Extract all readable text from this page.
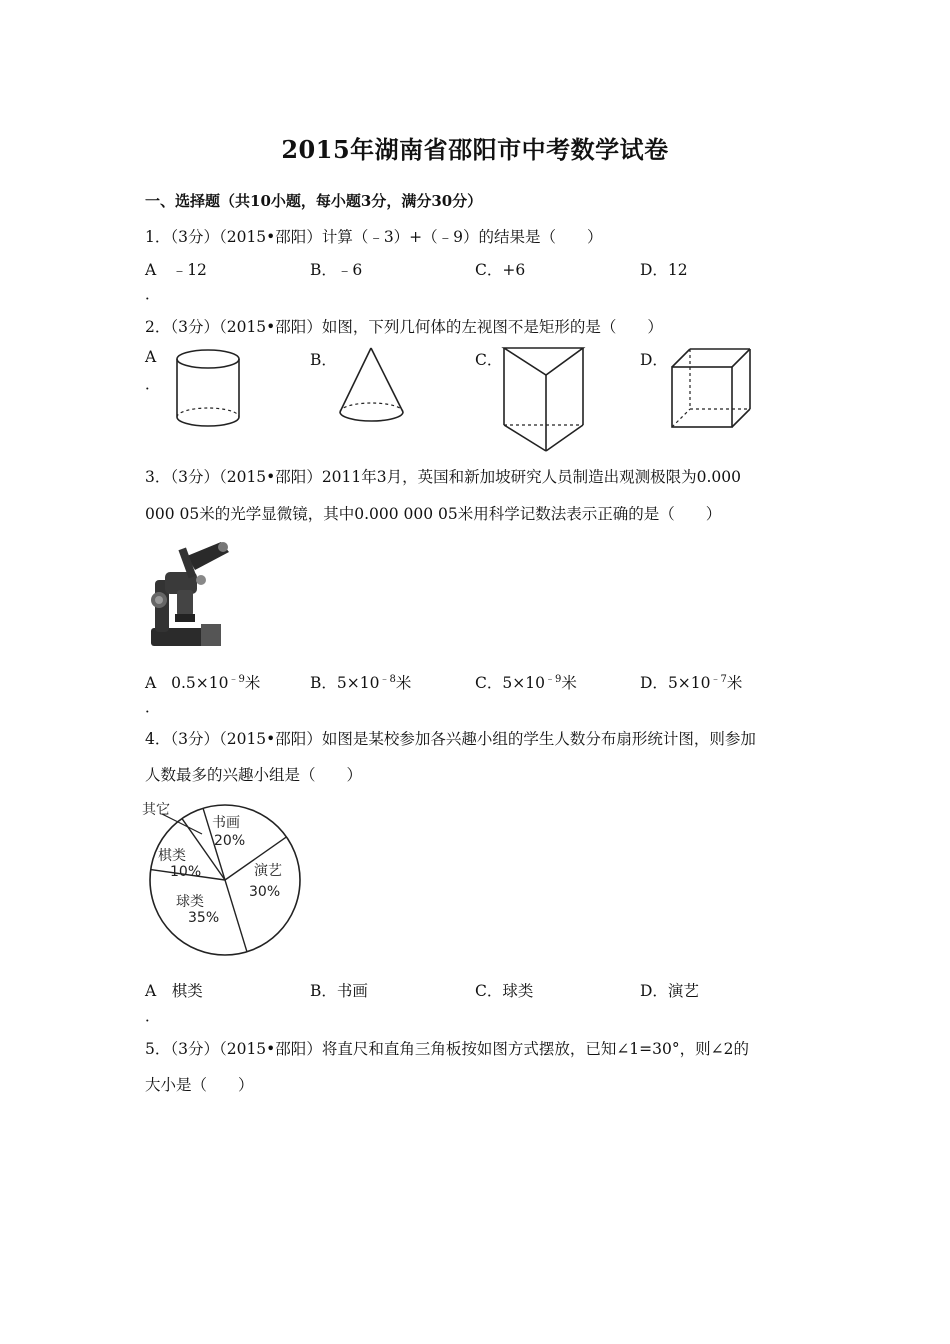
2015年湖南省邵阳市中考数学试卷
一、选择题（共10小题，每小题3分，满分30分）
1．（3分）（2015•邵阳）计算（﹣3）+（﹣9）的结果是（　　）
A　﹣12	B．﹣6	C．+6	D．12
．
2．（3分）（2015•邵阳）如图，下列几何体的左视图不是矩形的是（　　）
A
．
B．	C．	D．
3．（3分）（2015•邵阳）2011年3月，英国和新加坡研究人员制造出观测极限为0.000
000 05米的光学显微镜，其中0.000 000 05米用科学记数法表示正确的是（　　）
A $0.5\times 10^{﹣9}$米	B．$5\times 10^{﹣8}$米	C．$5\times 10^{﹣9}$米	D．$5\times 10^{﹣7}$米
．
4．（3分）（2015•邵阳）如图是某校参加各兴趣小组的学生人数分布扇形统计图，则参加
人数最多的兴趣小组是（　　）
其它
书画
20%
演艺
30%
球类
35%
棋类
10%
A　棋类	B．书画	C．球类	D．演艺
．
5．（3分）（2015•邵阳）将直尺和直角三角板按如图方式摆放，已知∠1=30°，则∠2的
大小是（　　）
